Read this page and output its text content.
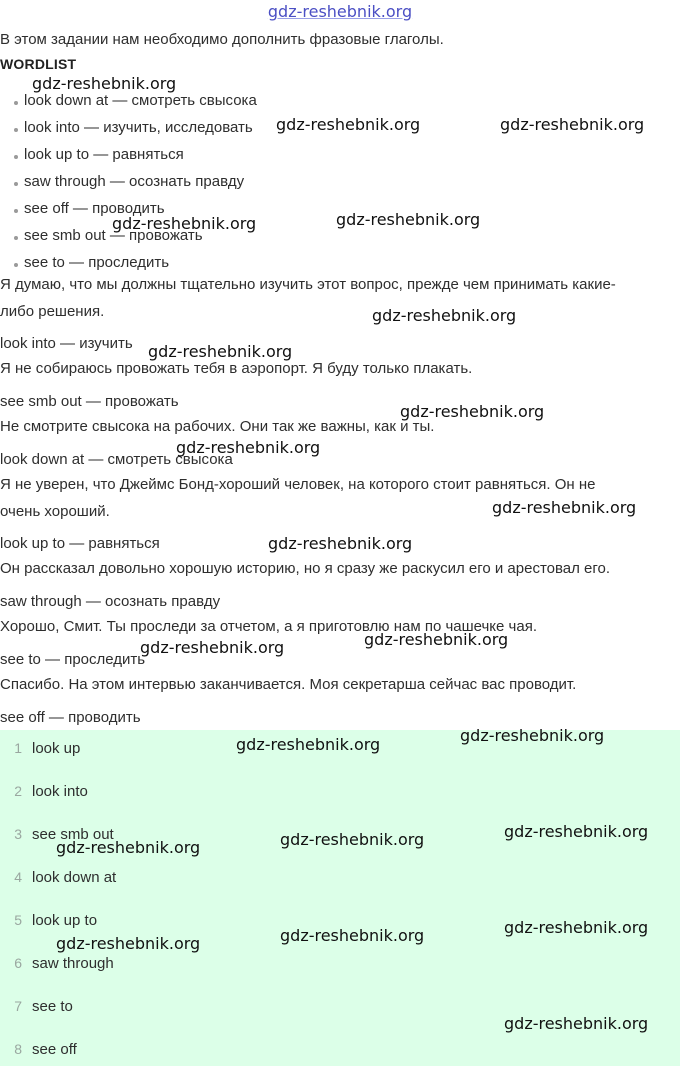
gdz-reshebnik.org
В этом задании нам необходимо дополнить фразовые глаголы.
WORDLIST
look down at — смотреть свысока
look into — изучить, исследовать
look up to — равняться
saw through — осознать правду
see off — проводить
see smb out — провожать
see to — проследить
Я думаю, что мы должны тщательно изучить этот вопрос, прежде чем принимать какие-
либо решения.
look into — изучить
Я не собираюсь провожать тебя в аэропорт. Я буду только плакать.
see smb out — провожать
Не смотрите свысока на рабочих. Они так же важны, как и ты.
look down at — смотреть свысока
Я не уверен, что Джеймс Бонд-хороший человек, на которого стоит равняться. Он не
очень хороший.
look up to — равняться
Он рассказал довольно хорошую историю, но я сразу же раскусил его и арестовал его.
saw through — осознать правду
Хорошо, Смит. Ты проследи за отчетом, а я приготовлю нам по чашечке чая.
see to — проследить
Спасибо. На этом интервью заканчивается. Моя секретарша сейчас вас проводит.
see off — проводить
1 look up
2 look into
3 see smb out
4 look down at
5 look up to
6 saw through
7 see to
8 see off
gdz-reshebnik.org
gdz-reshebnik.org	gdz-reshebnik.org
gdz-reshebnik.org	gdz-reshebnik.org
gdz-reshebnik.org
gdz-reshebnik.org
gdz-reshebnik.org
gdz-reshebnik.org
gdz-reshebnik.org
gdz-reshebnik.org
gdz-reshebnik.org
gdz-reshebnik.org
gdz-reshebnik.org	gdz-reshebnik.org
gdz-reshebnik.org
gdz-reshebnik.org
gdz-reshebnik.org
gdz-reshebnik.org
gdz-reshebnik.org
gdz-reshebnik.org
gdz-reshebnik.org
